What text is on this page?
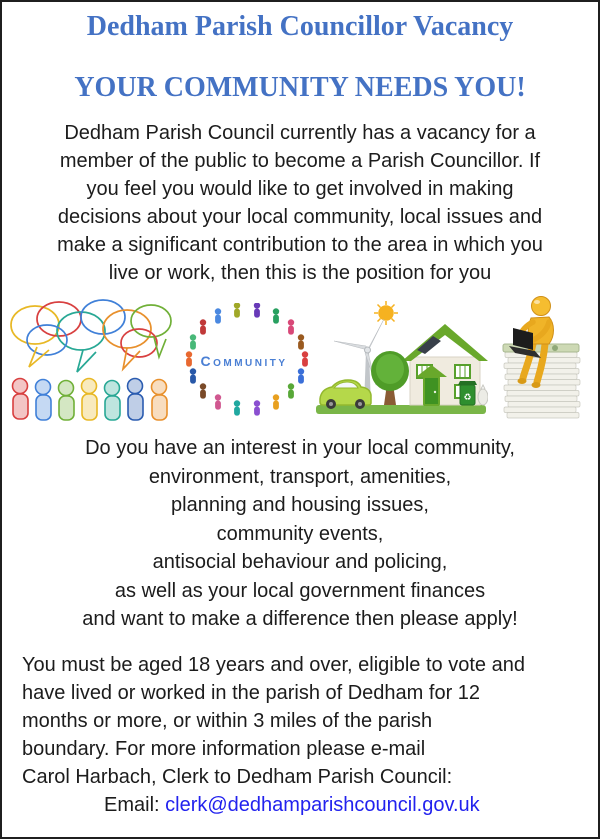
Dedham Parish Councillor Vacancy
YOUR COMMUNITY NEEDS YOU!
Dedham Parish Council currently has a vacancy for a
member of the public to become a Parish Councillor. If
you feel you would like to get involved in making
decisions about your local community, local issues and
make a significant contribution to the area in which you
live or work, then this is the position for you
Community
♻
Do you have an interest in your local community,
environment, transport, amenities,
planning and housing issues,
community events,
antisocial behaviour and policing,
as well as your local government finances
and want to make a difference then please apply!
You must be aged 18 years and over, eligible to vote and
have lived or worked in the parish of Dedham for 12
months or more, or within 3 miles of the parish
boundary. For more information please e-mail
Carol Harbach, Clerk to Dedham Parish Council:
Email: clerk@dedhamparishcouncil.gov.uk
